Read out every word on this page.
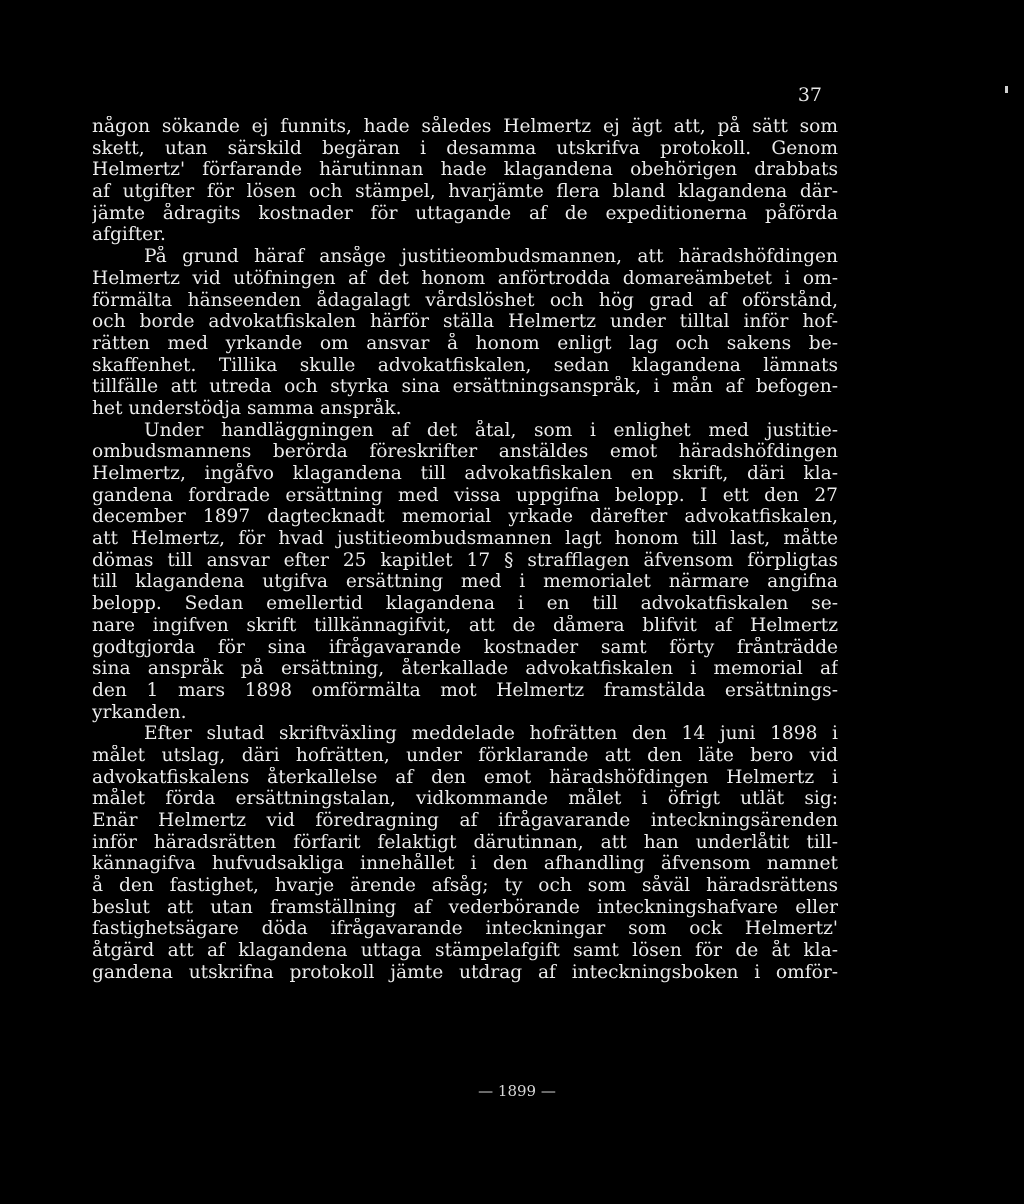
37
någon sökande ej funnits, hade således Helmertz ej ägt att, på sätt som
skett, utan särskild begäran i desamma utskrifva protokoll. Genom
Helmertz' förfarande härutinnan hade klagandena obehörigen drabbats
af utgifter för lösen och stämpel, hvarjämte flera bland klagandena där-
jämte ådragits kostnader för uttagande af de expeditionerna påförda
afgifter.
På grund häraf ansåge justitieombudsmannen, att häradshöfdingen
Helmertz vid utöfningen af det honom anförtrodda domareämbetet i om-
förmälta hänseenden ådagalagt vårdslöshet och hög grad af oförstånd,
och borde advokatfiskalen härför ställa Helmertz under tilltal inför hof-
rätten med yrkande om ansvar å honom enligt lag och sakens be-
skaffenhet. Tillika skulle advokatfiskalen, sedan klagandena lämnats
tillfälle att utreda och styrka sina ersättningsanspråk, i mån af befogen-
het understödja samma anspråk.
Under handläggningen af det åtal, som i enlighet med justitie-
ombudsmannens berörda föreskrifter anstäldes emot häradshöfdingen
Helmertz, ingåfvo klagandena till advokatfiskalen en skrift, däri kla-
gandena fordrade ersättning med vissa uppgifna belopp. I ett den 27
december 1897 dagtecknadt memorial yrkade därefter advokatfiskalen,
att Helmertz, för hvad justitieombudsmannen lagt honom till last, måtte
dömas till ansvar efter 25 kapitlet 17 § strafflagen äfvensom förpligtas
till klagandena utgifva ersättning med i memorialet närmare angifna
belopp. Sedan emellertid klagandena i en till advokatfiskalen se-
nare ingifven skrift tillkännagifvit, att de dåmera blifvit af Helmertz
godtgjorda för sina ifrågavarande kostnader samt förty frånträdde
sina anspråk på ersättning, återkallade advokatfiskalen i memorial af
den 1 mars 1898 omförmälta mot Helmertz framstälda ersättnings-
yrkanden.
Efter slutad skriftväxling meddelade hofrätten den 14 juni 1898 i
målet utslag, däri hofrätten, under förklarande att den läte bero vid
advokatfiskalens återkallelse af den emot häradshöfdingen Helmertz i
målet förda ersättningstalan, vidkommande målet i öfrigt utlät sig:
Enär Helmertz vid föredragning af ifrågavarande inteckningsärenden
inför häradsrätten förfarit felaktigt därutinnan, att han underlåtit till-
kännagifva hufvudsakliga innehållet i den afhandling äfvensom namnet
å den fastighet, hvarje ärende afsåg; ty och som såväl häradsrättens
beslut att utan framställning af vederbörande inteckningshafvare eller
fastighetsägare döda ifrågavarande inteckningar som ock Helmertz'
åtgärd att af klagandena uttaga stämpelafgift samt lösen för de åt kla-
gandena utskrifna protokoll jämte utdrag af inteckningsboken i omför-
— 1899 —
